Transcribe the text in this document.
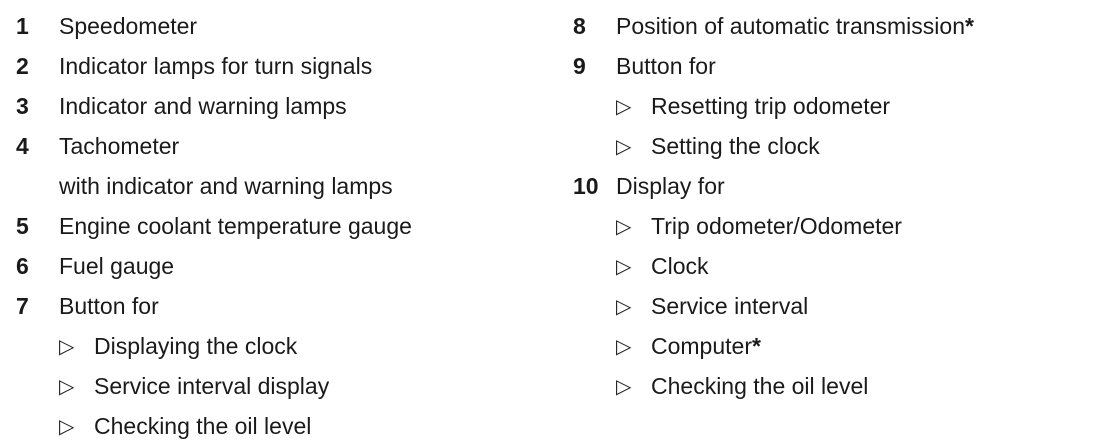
1	Speedometer
2	Indicator lamps for turn signals
3	Indicator and warning lamps
4	Tachometer
with indicator and warning lamps
5	Engine coolant temperature gauge
6	Fuel gauge
7	Button for
▷ Displaying the clock
▷ Service interval display
▷ Checking the oil level
8	Position of automatic transmission*
9	Button for
▷ Resetting trip odometer
▷ Setting the clock
10 Display for
▷ Trip odometer/Odometer
▷ Clock
▷ Service interval
▷ Computer*
▷ Checking the oil level
